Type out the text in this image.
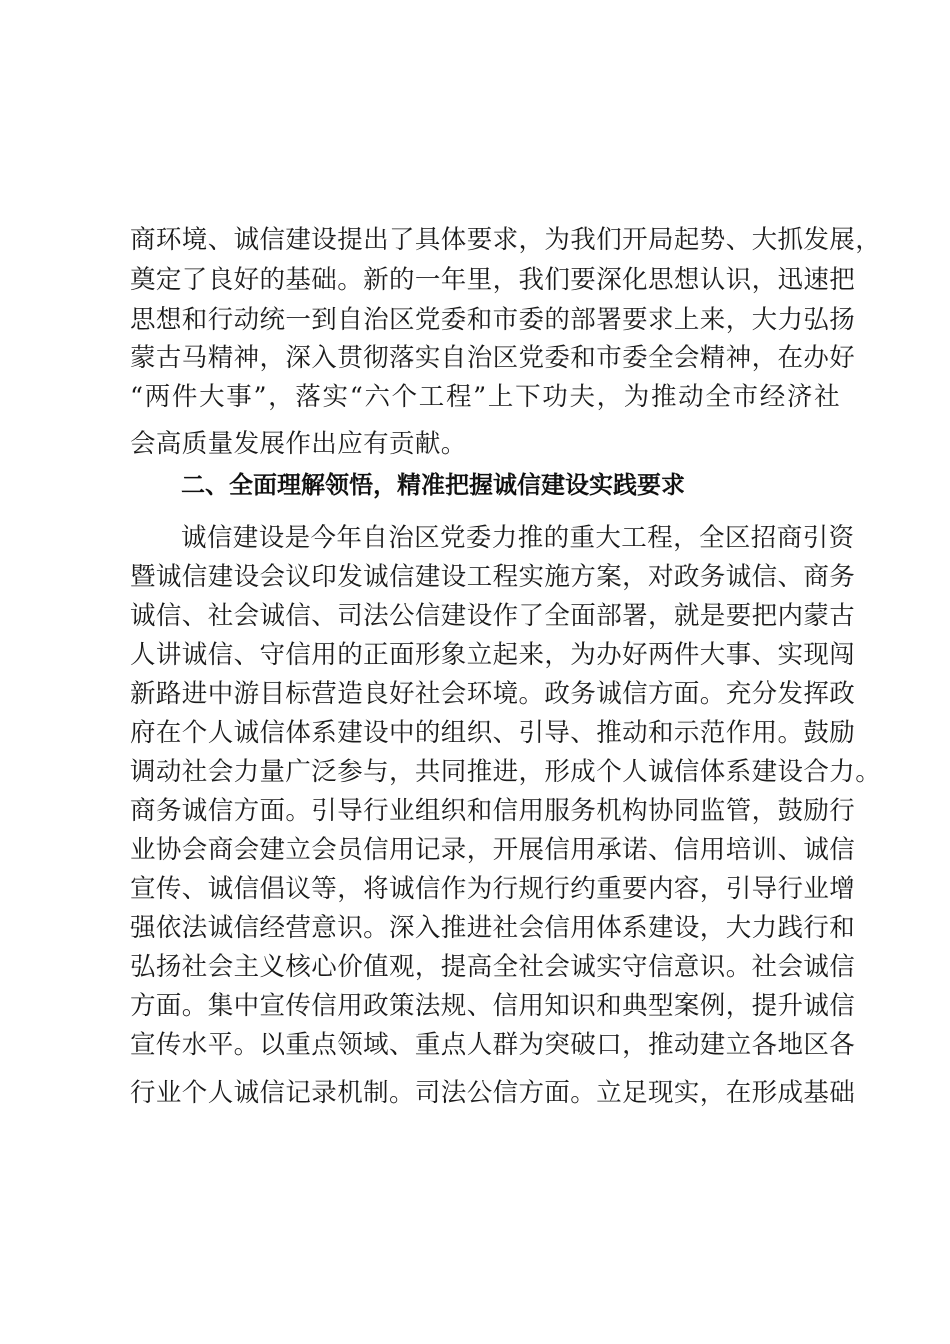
商环境、诚信建设提出了具体要求，为我们开局起势、大抓发展，
奠定了良好的基础。新的一年里，我们要深化思想认识，迅速把
思想和行动统一到自治区党委和市委的部署要求上来，大力弘扬
蒙古马精神，深入贯彻落实自治区党委和市委全会精神，在办好
“两件大事”，落实“六个工程”上下功夫，为推动全市经济社
会高质量发展作出应有贡献。
二、全面理解领悟，精准把握诚信建设实践要求
诚信建设是今年自治区党委力推的重大工程，全区招商引资
暨诚信建设会议印发诚信建设工程实施方案，对政务诚信、商务
诚信、社会诚信、司法公信建设作了全面部署，就是要把内蒙古
人讲诚信、守信用的正面形象立起来，为办好两件大事、实现闯
新路进中游目标营造良好社会环境。政务诚信方面。充分发挥政
府在个人诚信体系建设中的组织、引导、推动和示范作用。鼓励
调动社会力量广泛参与，共同推进，形成个人诚信体系建设合力。
商务诚信方面。引导行业组织和信用服务机构协同监管，鼓励行
业协会商会建立会员信用记录，开展信用承诺、信用培训、诚信
宣传、诚信倡议等，将诚信作为行规行约重要内容，引导行业增
强依法诚信经营意识。深入推进社会信用体系建设，大力践行和
弘扬社会主义核心价值观，提高全社会诚实守信意识。社会诚信
方面。集中宣传信用政策法规、信用知识和典型案例，提升诚信
宣传水平。以重点领域、重点人群为突破口，推动建立各地区各
行业个人诚信记录机制。司法公信方面。立足现实，在形成基础
